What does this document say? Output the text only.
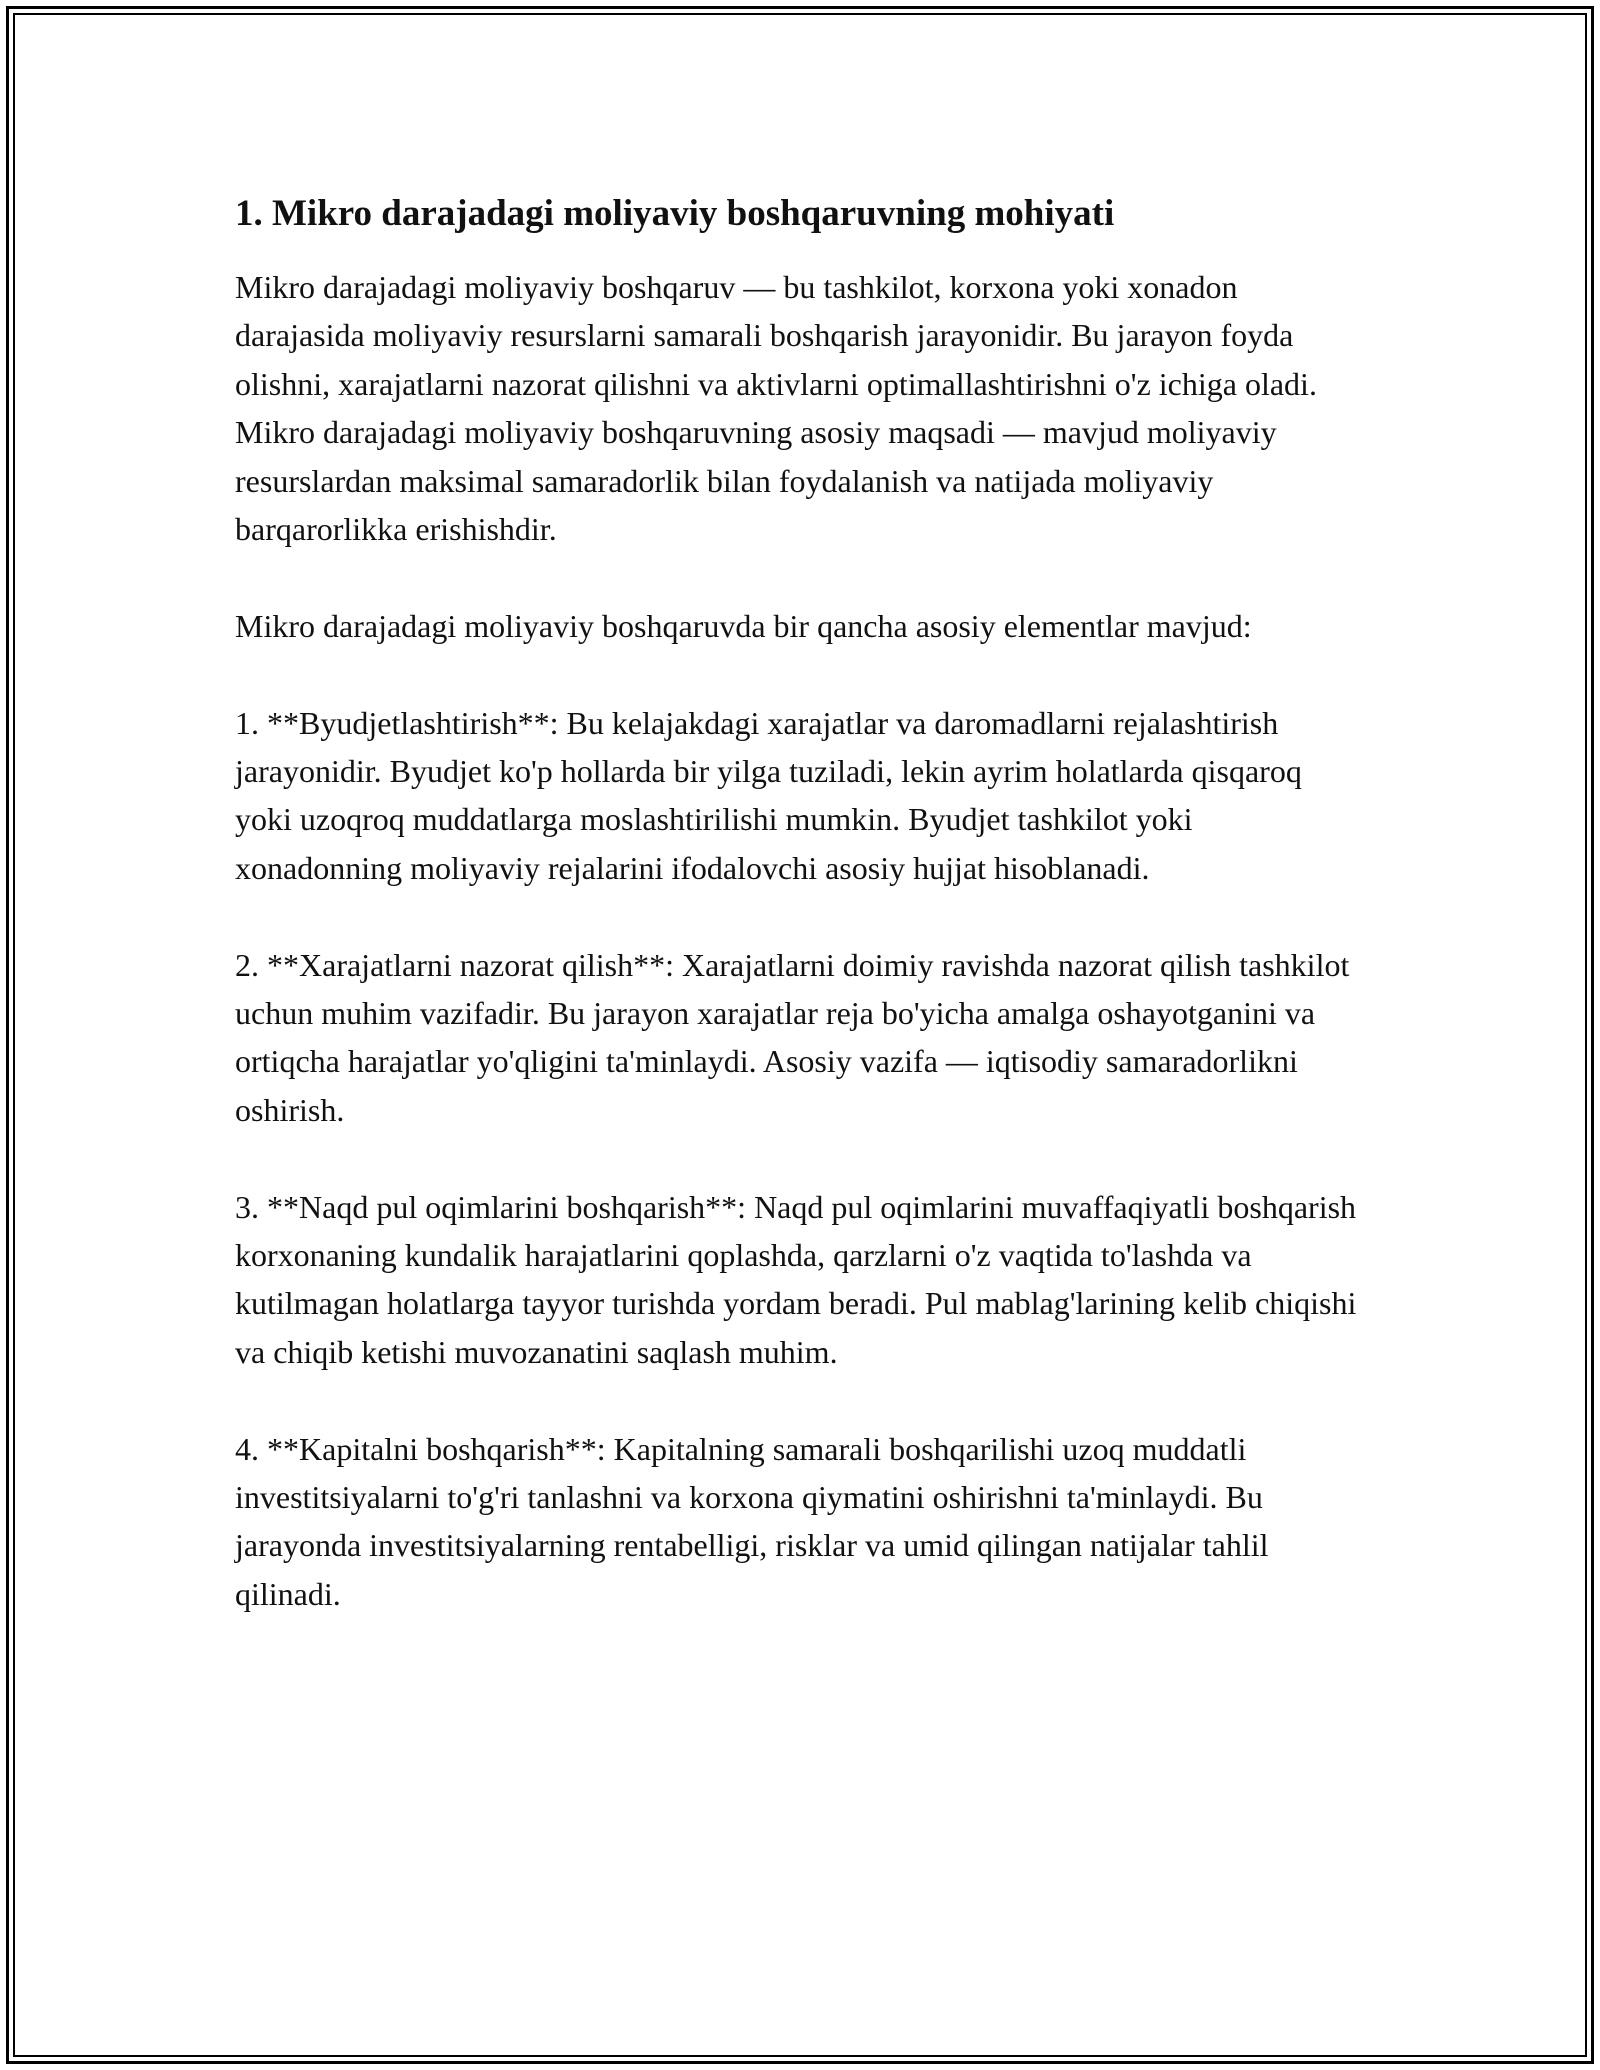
1. Mikro darajadagi moliyaviy boshqaruvning mohiyati

Mikro darajadagi moliyaviy boshqaruv — bu tashkilot, korxona yoki xonadon darajasida moliyaviy resurslarni samarali boshqarish jarayonidir. Bu jarayon foyda olishni, xarajatlarni nazorat qilishni va aktivlarni optimallashtirishni o'z ichiga oladi. Mikro darajadagi moliyaviy boshqaruvning asosiy maqsadi — mavjud moliyaviy resurslardan maksimal samaradorlik bilan foydalanish va natijada moliyaviy barqarorlikka erishishdir.

Mikro darajadagi moliyaviy boshqaruvda bir qancha asosiy elementlar mavjud:

1. **Byudjetlashtirish**: Bu kelajakdagi xarajatlar va daromadlarni rejalashtirish jarayonidir. Byudjet ko'p hollarda bir yilga tuziladi, lekin ayrim holatlarda qisqaroq yoki uzoqroq muddatlarga moslashtirilishi mumkin. Byudjet tashkilot yoki xonadonning moliyaviy rejalarini ifodalovchi asosiy hujjat hisoblanadi.

2. **Xarajatlarni nazorat qilish**: Xarajatlarni doimiy ravishda nazorat qilish tashkilot uchun muhim vazifadir. Bu jarayon xarajatlar reja bo'yicha amalga oshayotganini va ortiqcha harajatlar yo'qligini ta'minlaydi. Asosiy vazifa — iqtisodiy samaradorlikni oshirish.

3. **Naqd pul oqimlarini boshqarish**: Naqd pul oqimlarini muvaffaqiyatli boshqarish korxonaning kundalik harajatlarini qoplashda, qarzlarni o'z vaqtida to'lashda va kutilmagan holatlarga tayyor turishda yordam beradi. Pul mablag'larining kelib chiqishi va chiqib ketishi muvozanatini saqlash muhim.

4. **Kapitalni boshqarish**: Kapitalning samarali boshqarilishi uzoq muddatli investitsiyalarni to'g'ri tanlashni va korxona qiymatini oshirishni ta'minlaydi. Bu jarayonda investitsiyalarning rentabelligi, risklar va umid qilingan natijalar tahlil qilinadi.
